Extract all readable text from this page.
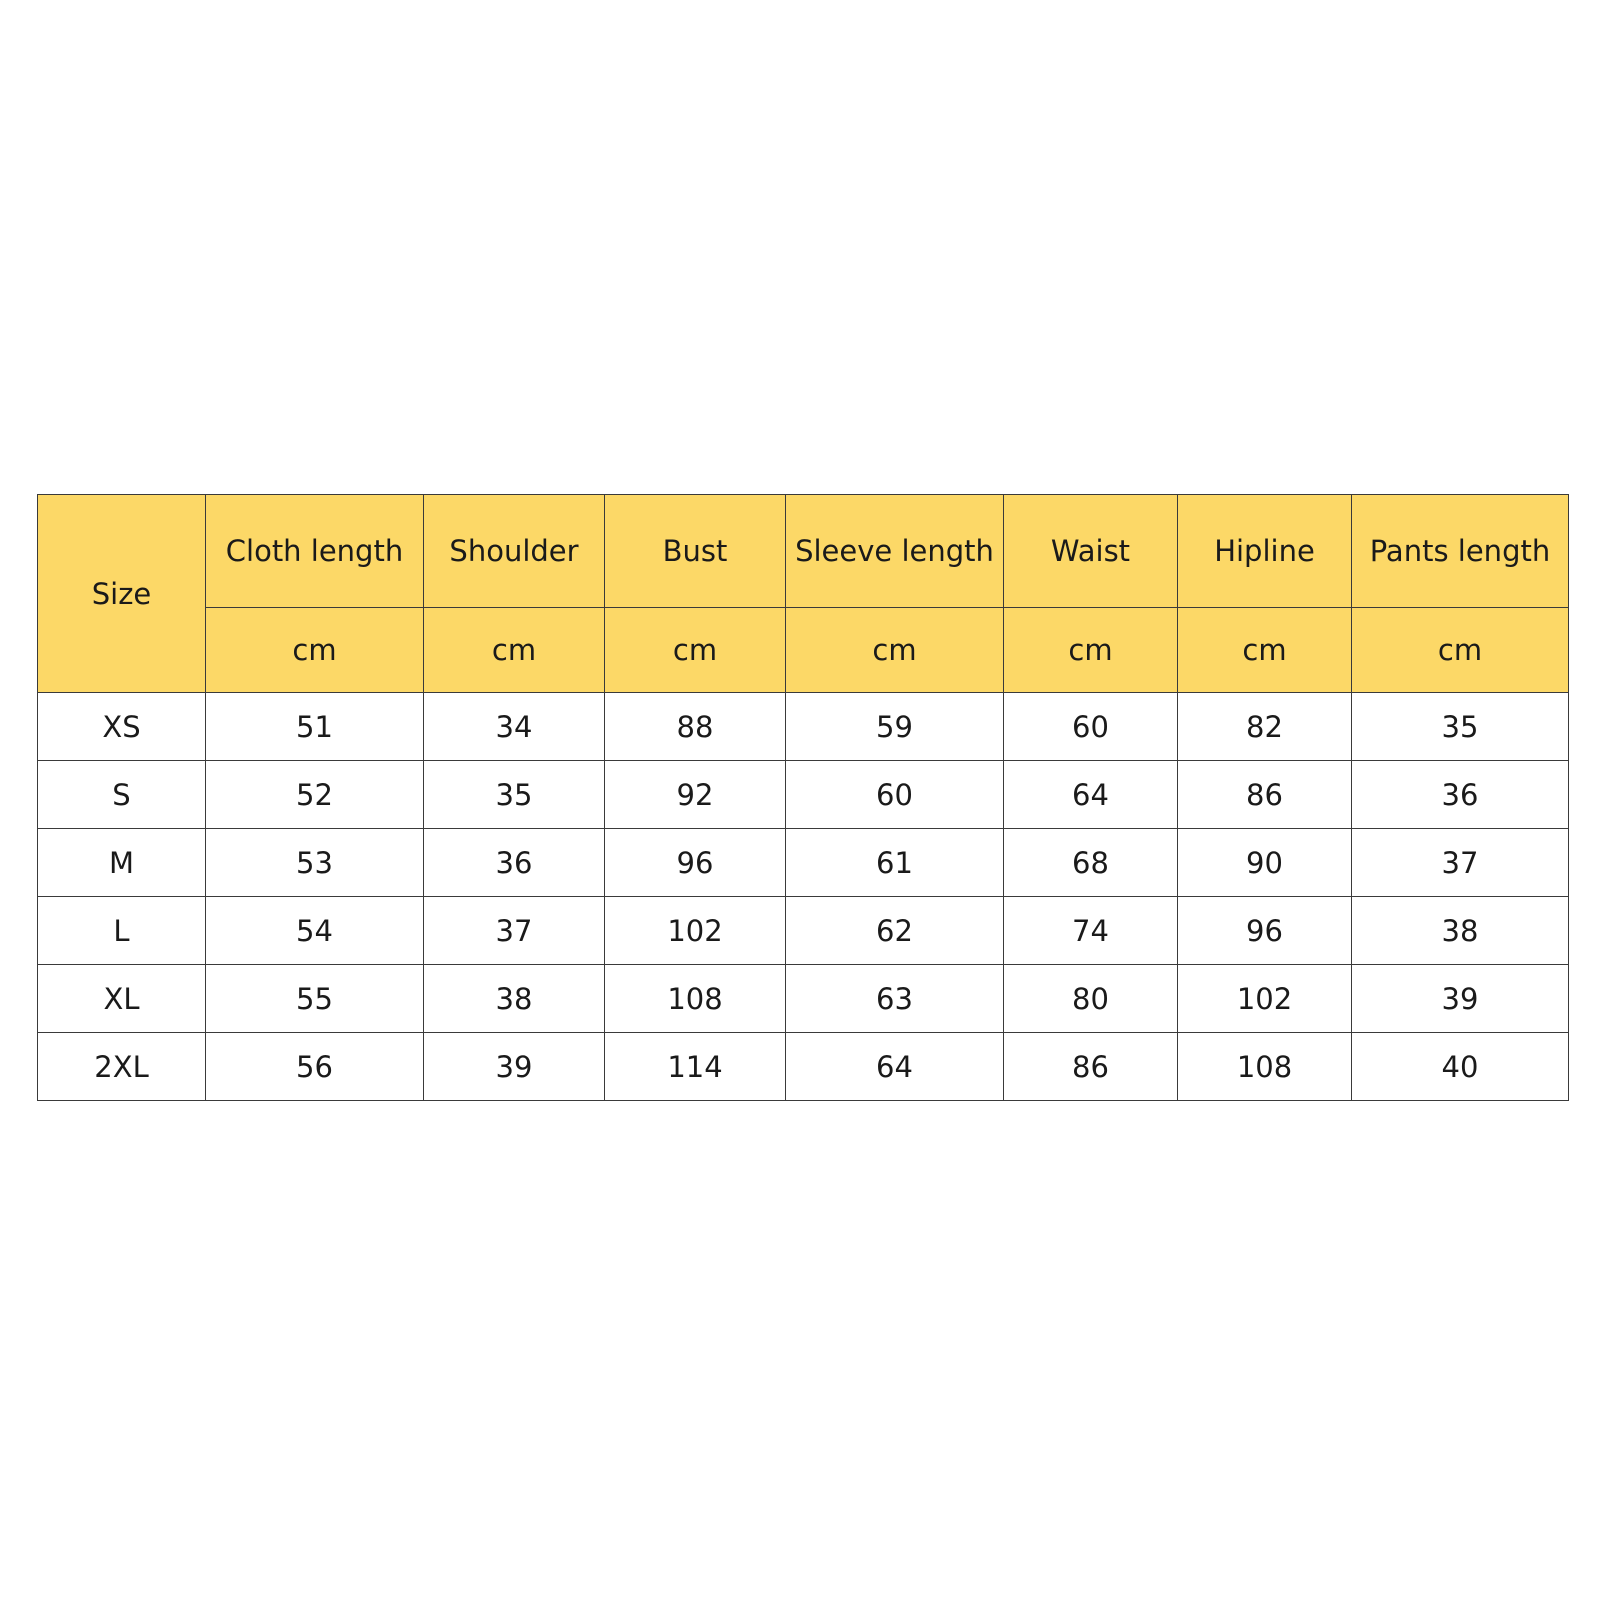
Size	Cloth length	Shoulder	Bust	Sleeve length	Waist	Hipline	Pants length
	cm	cm	cm	cm	cm	cm	cm
XS	51	34	88	59	60	82	35
S	52	35	92	60	64	86	36
M	53	36	96	61	68	90	37
L	54	37	102	62	74	96	38
XL	55	38	108	63	80	102	39
2XL	56	39	114	64	86	108	40
